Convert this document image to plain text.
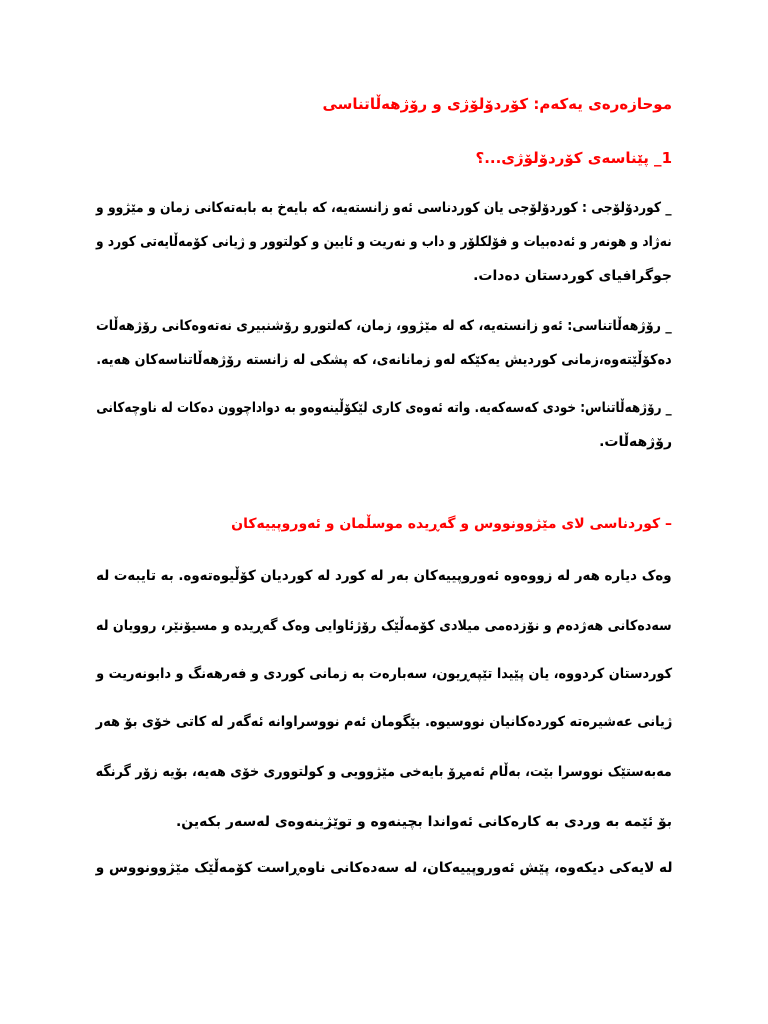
موحازەرەی یەکەم: کۆردۆلۆژی و رۆژهەڵاتناسی
1_ پێناسەی کۆردۆلۆژی...؟
_ کوردۆلۆجی : کوردۆلۆجی یان کوردناسی ئەو زانستەیە، کە بایەخ بە بابەتەکانی زمان و مێژوو و
نەژاد و هونەر و ئەدەبیات و فۆلکلۆر و داب و نەریت و ئایین و کولتوور و ژیانی کۆمەڵایەتی کورد و
جوگرافیای کوردستان دەدات.
_ رۆژهەڵاتناسی: ئەو زانستەیە، کە لە مێژوو، زمان، کەلتورو رۆشنبیری نەتەوەکانی رۆژهەڵات
دەکۆڵێتەوە،زمانی کوردیش یەکێکە لەو زمانانەی، کە پشکی لە زانستە رۆژهەڵاتناسەکان هەیە.
_ رۆژهەڵاتناس: خودی کەسەکەیە. واتە ئەوەی کاری لێکۆڵینەوەو بە دواداچوون دەکات لە ناوچەکانی
رۆژهەڵات.
– کوردناسی لای مێژوونووس و گەڕیدە موسڵمان و ئەوروپییەکان
وەک دیارە هەر لە زووەوە ئەوروپییەکان بەر لە کورد لە کوردیان کۆڵیوەتەوە. بە تایبەت لە
سەدەکانی هەژدەم و نۆزدەمی میلادی کۆمەڵێک رۆژئاوایی وەک گەڕیدە و مسیۆنێر، روویان لە
کوردستان کردووە، یان پێیدا تێپەڕیون، سەبارەت بە زمانی کوردی و فەرهەنگ و دابونەریت و
ژیانی عەشیرەتە کوردەکانیان نووسیوە. بێگومان ئەم نووسراوانە ئەگەر لە کاتی خۆی بۆ هەر
مەبەستێک نووسرا بێت، بەڵام ئەمڕۆ بایەخی مێژوویی و کولتووری خۆی هەیە، بۆیە زۆر گرنگە
بۆ ئێمە بە وردی بە کارەکانی ئەواندا بچینەوە و توێژینەوەی لەسەر بکەین.
لە لایەکی دیکەوە، پێش ئەوروپییەکان، لە سەدەکانی ناوەڕاست کۆمەڵێک مێژوونووس و
